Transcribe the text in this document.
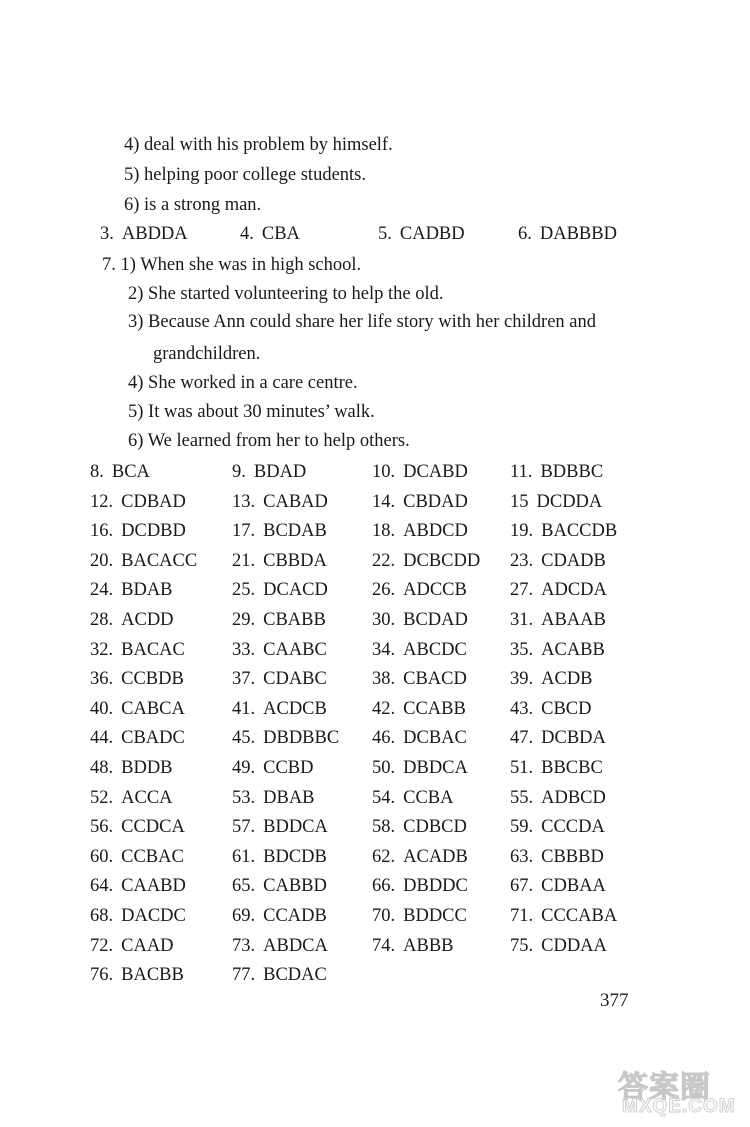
4) deal with his problem by himself.
5) helping poor college students.
6) is a strong man.
3. ABDDA	4. CBA	5. CADBD	6. DABBBD
7. 1) When she was in high school.
2) She started volunteering to help the old.
3) Because Ann could share her life story with her children and
grandchildren.
4) She worked in a care centre.
5) It was about 30 minutes’ walk.
6) We learned from her to help others.
8. BCA	9. BDAD	10. DCABD 11. BDBBC
12. CDBAD 13. CABAD 14. CBDAD 15 DCDDA
16. DCDBD 17. BCDAB 18. ABDCD 19. BACCDB
20. BACACC 21. CBBDA 22. DCBCDD 23. CDADB
24. BDAB	25. DCACD 26. ADCCB 27. ADCDA
28. ACDD	29. CBABB 30. BCDAD 31. ABAAB
32. BACAC	33. CAABC 34. ABCDC 35. ACABB
36. CCBDB	37. CDABC 38. CBACD 39. ACDB
40. CABCA	41. ACDCB 42. CCABB 43. CBCD
44. CBADC	45. DBDBBC 46. DCBAC 47. DCBDA
48. BDDB	49. CCBD	50. DBDCA 51. BBCBC
52. ACCA	53. DBAB	54. CCBA	55. ADBCD
56. CCDCA	57. BDDCA 58. CDBCD 59. CCCDA
60. CCBAC	61. BDCDB 62. ACADB 63. CBBBD
64. CAABD 65. CABBD 66. DBDDC 67. CDBAA
68. DACDC 69. CCADB 70. BDDCC 71. CCCABA
72. CAAD	73. ABDCA 74. ABBB	75. CDDAA
76. BACBB	77. BCDAC
377
答案圈
MXQE.COM
